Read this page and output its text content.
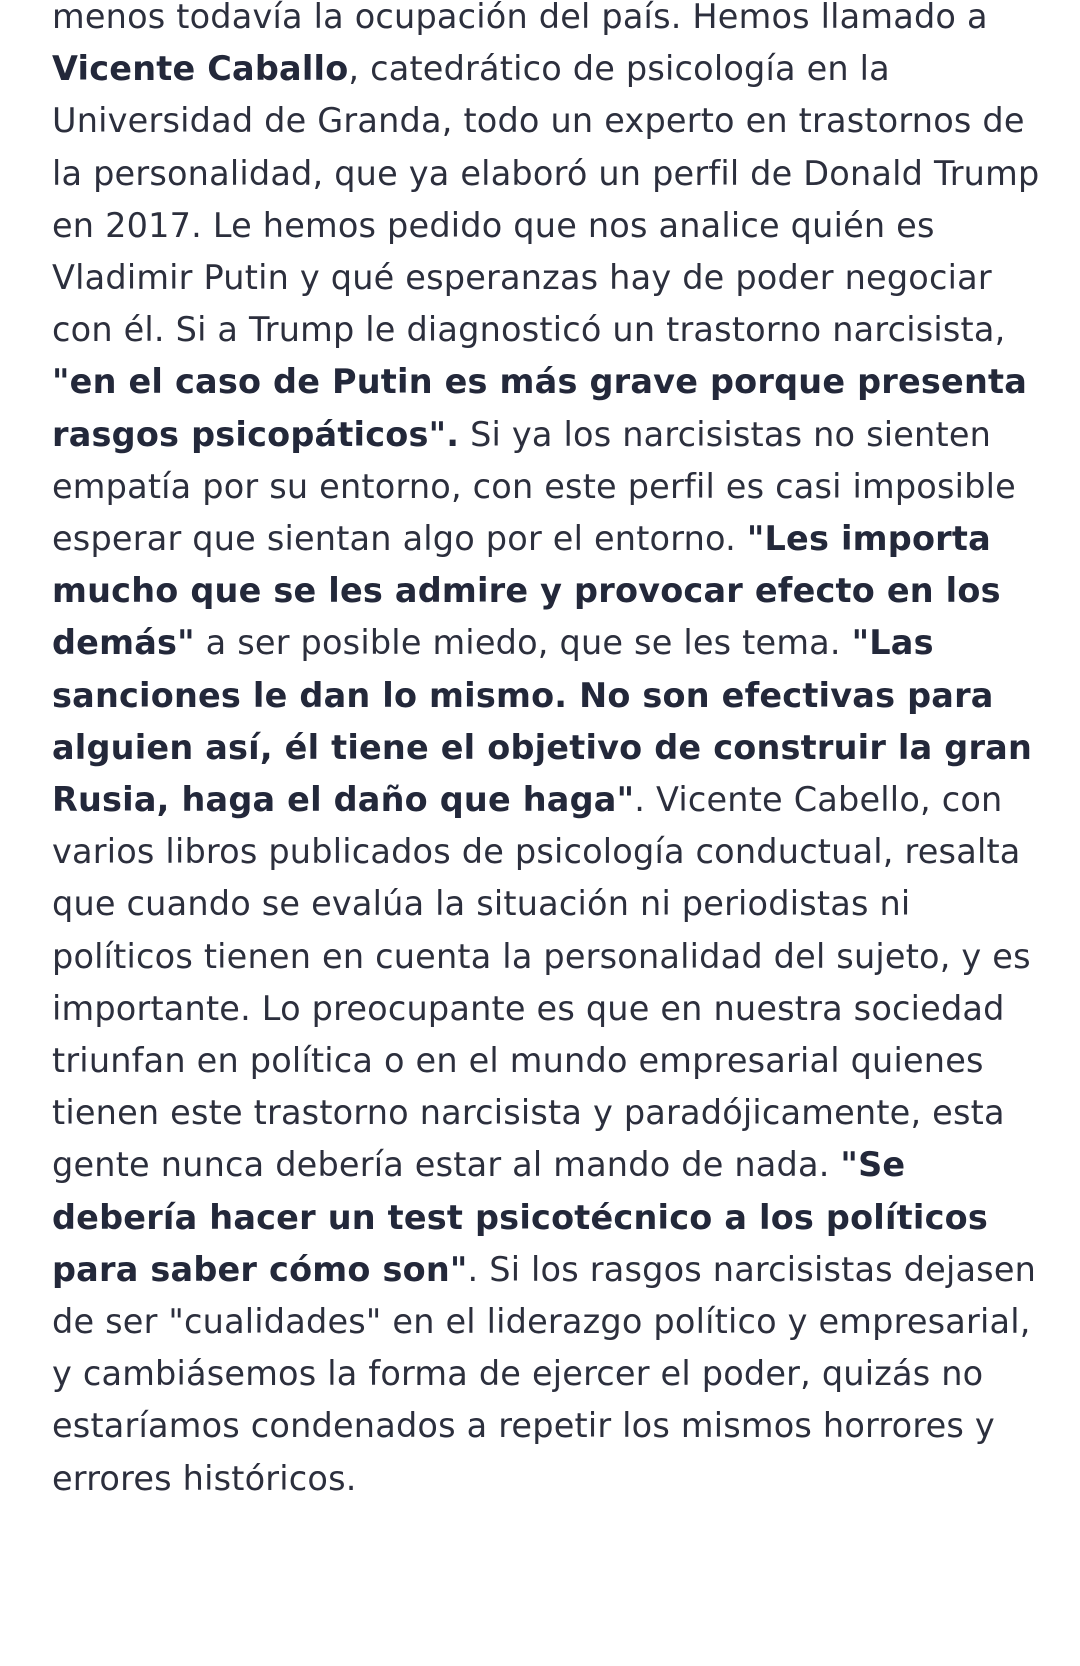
menos todavía la ocupación del país. Hemos llamado a Vicente Caballo, catedrático de psicología en la Universidad de Granda, todo un experto en trastornos de la personalidad, que ya elaboró un perfil de Donald Trump en 2017. Le hemos pedido que nos analice quién es Vladimir Putin y qué esperanzas hay de poder negociar con él. Si a Trump le diagnosticó un trastorno narcisista, "en el caso de Putin es más grave porque presenta rasgos psicopáticos". Si ya los narcisistas no sienten empatía por su entorno, con este perfil es casi imposible esperar que sientan algo por el entorno. "Les importa mucho que se les admire y provocar efecto en los demás" a ser posible miedo, que se les tema. "Las sanciones le dan lo mismo. No son efectivas para alguien así, él tiene el objetivo de construir la gran Rusia, haga el daño que haga". Vicente Cabello, con varios libros publicados de psicología conductual, resalta que cuando se evalúa la situación ni periodistas ni políticos tienen en cuenta la personalidad del sujeto, y es importante. Lo preocupante es que en nuestra sociedad triunfan en política o en el mundo empresarial quienes tienen este trastorno narcisista y paradójicamente, esta gente nunca debería estar al mando de nada. "Se debería hacer un test psicotécnico a los políticos para saber cómo son". Si los rasgos narcisistas dejasen de ser "cualidades" en el liderazgo político y empresarial, y cambiásemos la forma de ejercer el poder, quizás no estaríamos condenados a repetir los mismos horrores y errores históricos.
